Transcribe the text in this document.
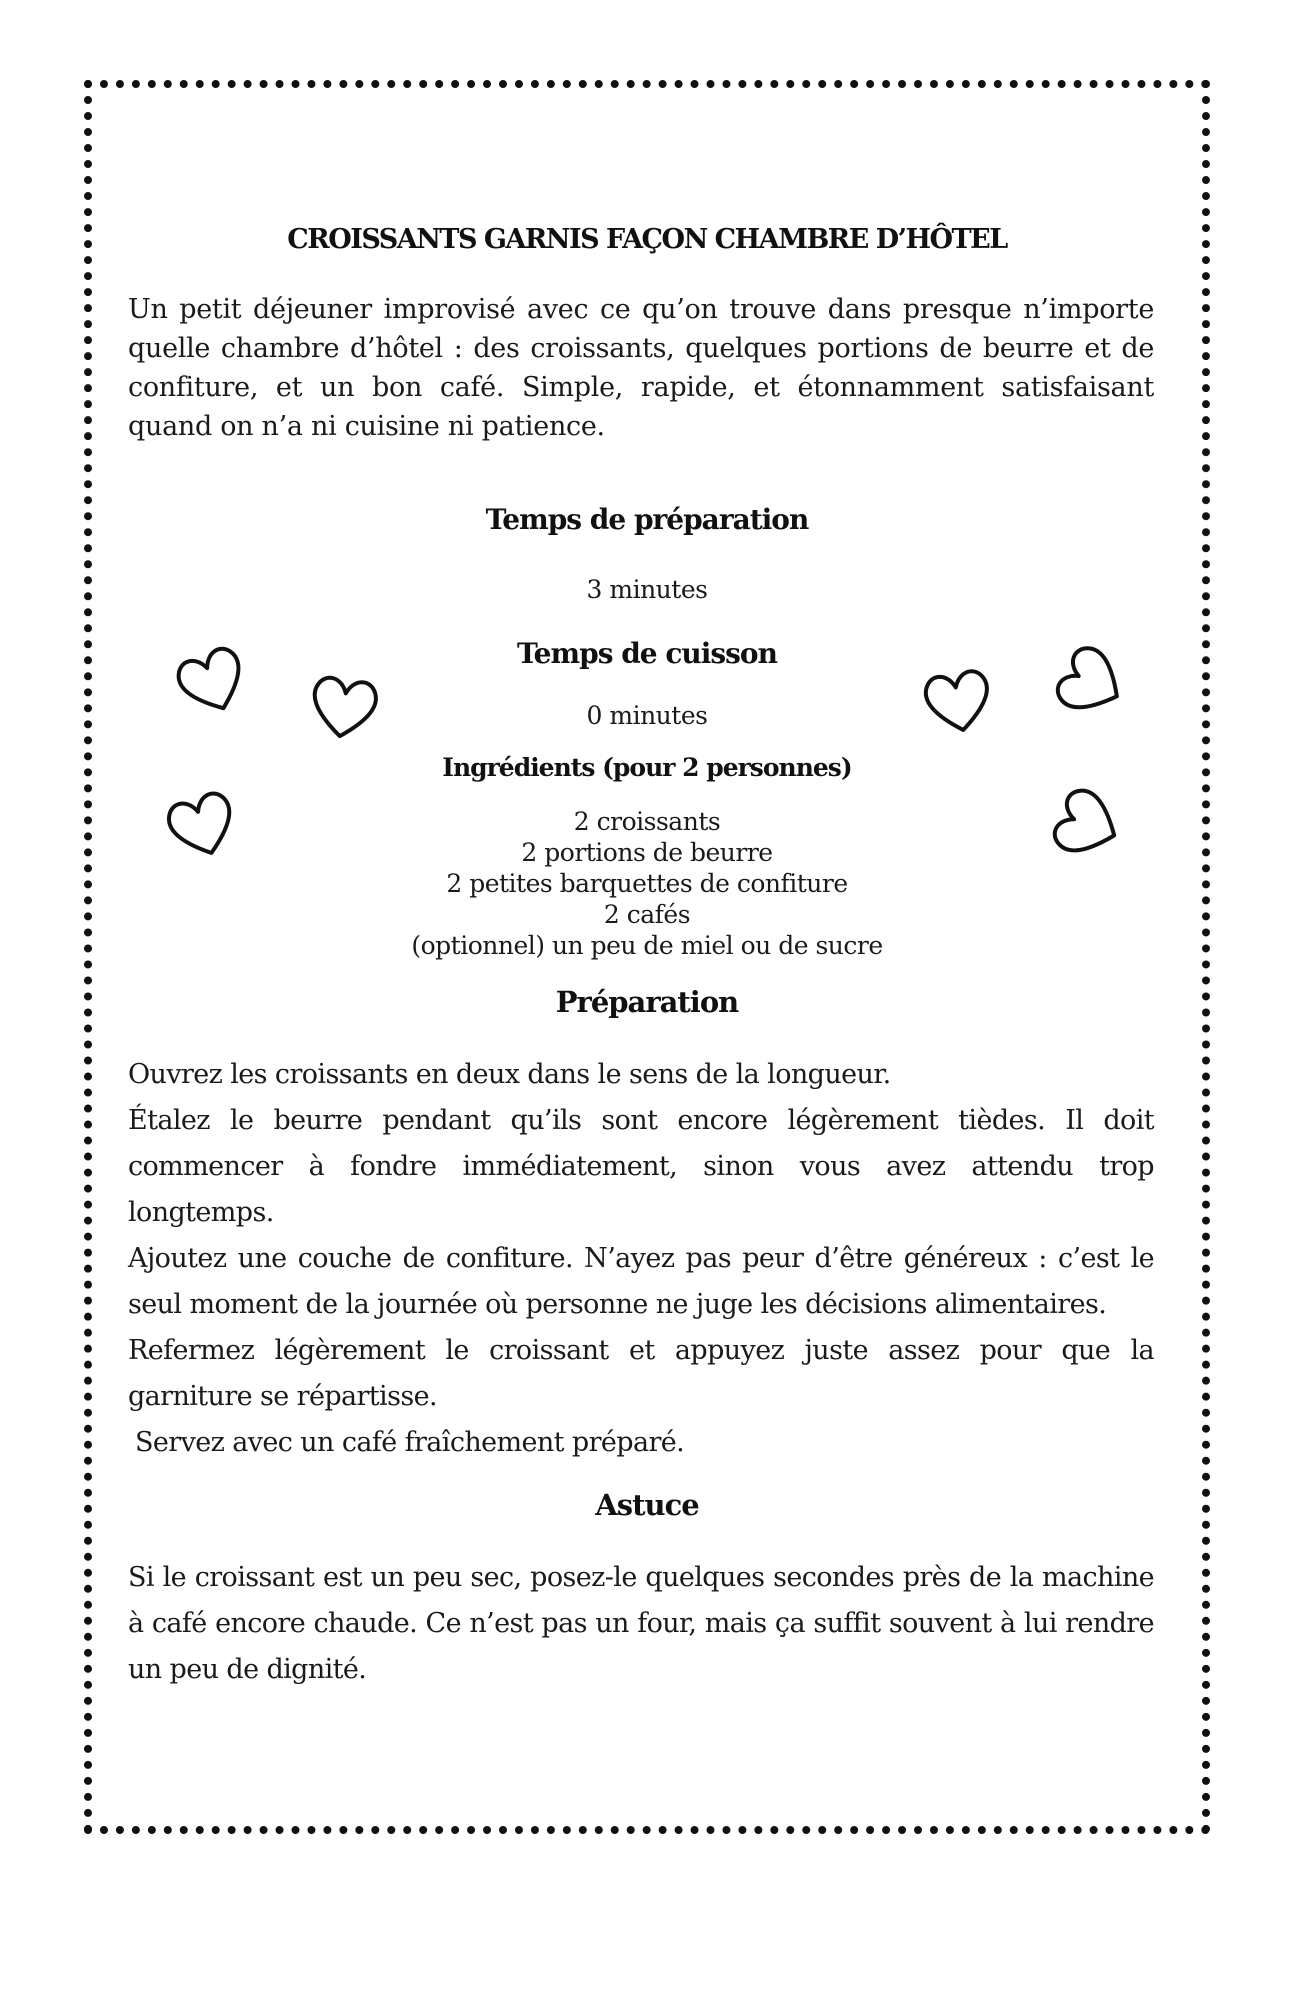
CROISSANTS GARNIS FAÇON CHAMBRE D’HÔTEL

Un petit déjeuner improvisé avec ce qu’on trouve dans presque n’importe quelle chambre d’hôtel : des croissants, quelques portions de beurre et de confiture, et un bon café. Simple, rapide, et étonnamment satisfaisant quand on n’a ni cuisine ni patience.

Temps de préparation
3 minutes
Temps de cuisson
0 minutes
Ingrédients (pour 2 personnes)
2 croissants
2 portions de beurre
2 petites barquettes de confiture
2 cafés
(optionnel) un peu de miel ou de sucre
Préparation

Ouvrez les croissants en deux dans le sens de la longueur.

Étalez le beurre pendant qu’ils sont encore légèrement tièdes. Il doit commencer à fondre immédiatement, sinon vous avez attendu trop longtemps.

Ajoutez une couche de confiture. N’ayez pas peur d’être généreux : c’est le seul moment de la journée où personne ne juge les décisions alimentaires.

Refermez légèrement le croissant et appuyez juste assez pour que la garniture se répartisse.

Servez avec un café fraîchement préparé.

Astuce

Si le croissant est un peu sec, posez-le quelques secondes près de la machine à café encore chaude. Ce n’est pas un four, mais ça suffit souvent à lui rendre un peu de dignité.
